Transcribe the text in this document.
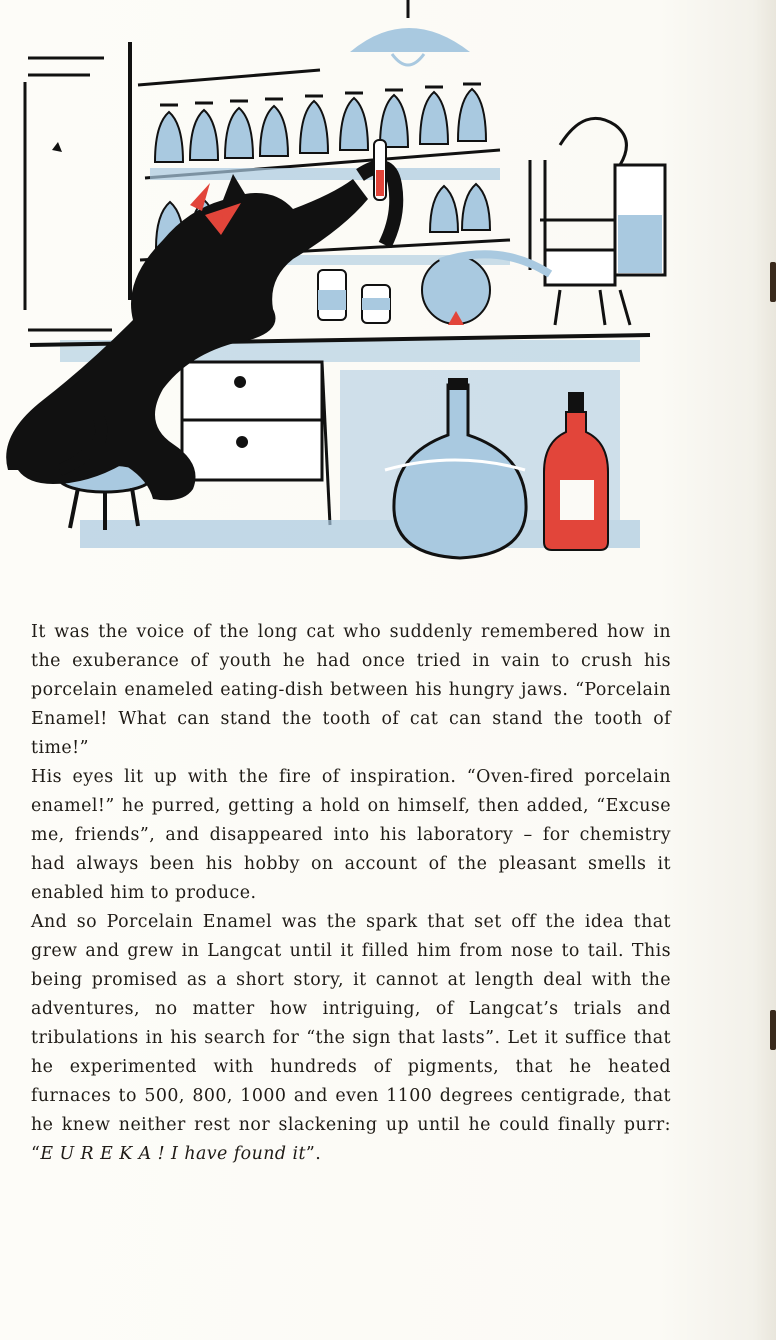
It was the voice of the long cat who suddenly remembered how in the exuberance of youth he had once tried in vain to crush his porcelain enameled eating-dish between his hungry jaws. “Porcelain Enamel! What can stand the tooth of cat can stand the tooth of time!”

His eyes lit up with the fire of inspiration. “Oven-fired porcelain enamel!” he purred, getting a hold on himself, then added, “Excuse me, friends”, and disappeared into his laboratory – for chemistry had always been his hobby on account of the pleasant smells it enabled him to produce.

And so Porcelain Enamel was the spark that set off the idea that grew and grew in Langcat until it filled him from nose to tail. This being promised as a short story, it cannot at length deal with the adventures, no matter how intriguing, of Langcat’s trials and tribulations in his search for “the sign that lasts”. Let it suffice that he experimented with hundreds of pigments, that he heated furnaces to 500, 800, 1000 and even 1100 degrees centigrade, that he knew neither rest nor slackening up until he could finally purr: “E U R E K A ! I have found it”.
